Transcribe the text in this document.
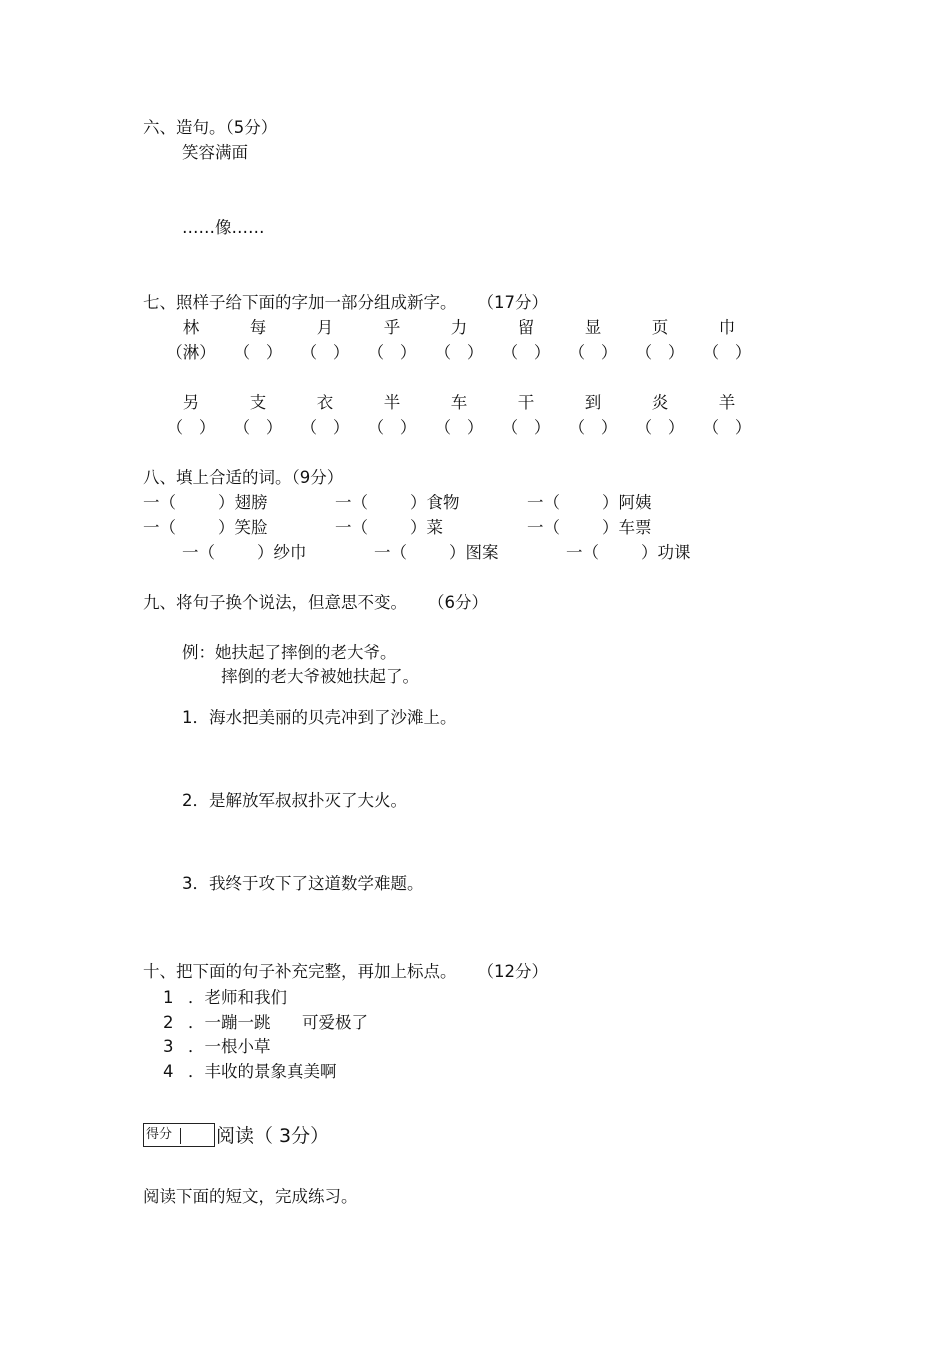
六、造句。（5分）
笑容满面
……像……
七、照样子给下面的字加一部分组成新字。    （17分）
林	每	月	乎	力	留	显	页	巾
（淋）	（   ）	（   ）	（   ）	（   ）	（   ）	（   ）	（   ）	（   ）
另	支	衣	半	车	干	到	炎	羊
（   ）	（   ）	（   ）	（   ）	（   ）	（   ）	（   ）	（   ）	（   ）
八、填上合适的词。（9分）
一（        ）翅膀	一（        ）食物	一（        ）阿姨
一（        ）笑脸	一（        ）菜	一（        ）车票
一（        ）纱巾	一（        ）图案	一（        ）功课
九、将句子换个说法，但意思不变。    （6分）
例：她扶起了摔倒的老大爷。
摔倒的老大爷被她扶起了。
1．海水把美丽的贝壳冲到了沙滩上。
2．是解放军叔叔扑灭了大火。
3．我终于攻下了这道数学难题。
十、把下面的句子补充完整，再加上标点。    （12分）
1 ．老师和我们
2 ．一蹦一跳      可爱极了
3 ．一根小草
4 ．丰收的景象真美啊
得分 阅读（ 3分）
阅读下面的短文，完成练习。
